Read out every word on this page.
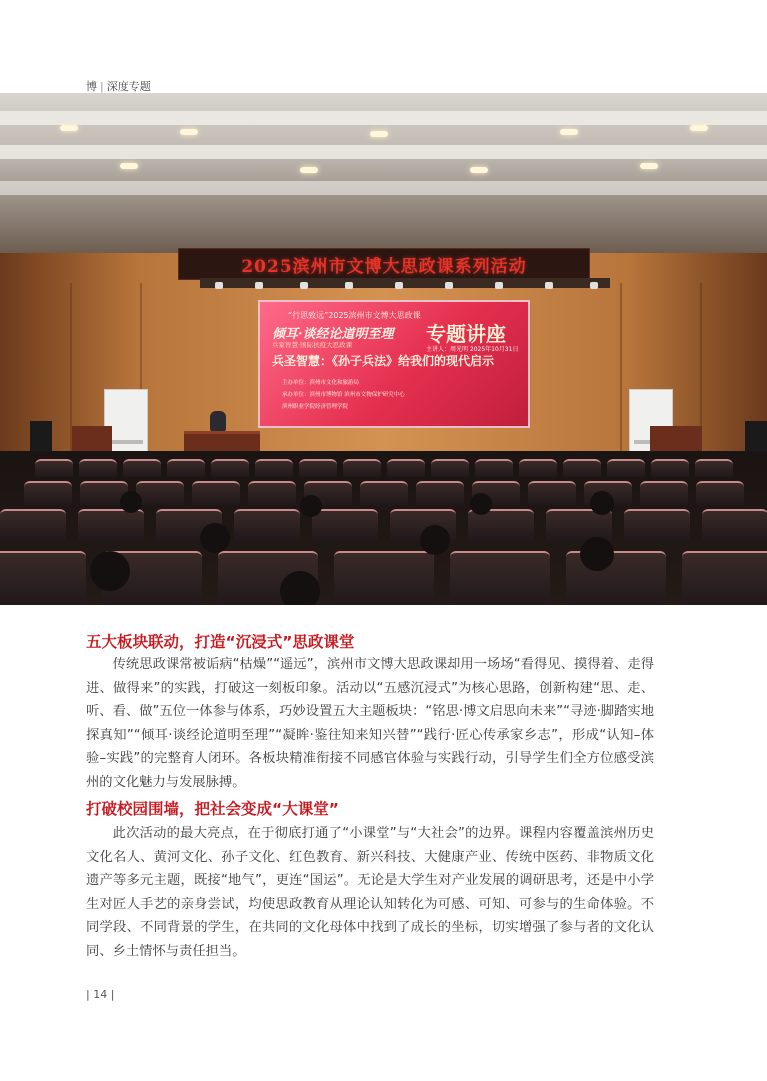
博 | 深度专题
2025滨州市文博大思政课系列活动
“行思致远”2025滨州市文博大思政课
倾耳·谈经论道明至理 专题讲座
兵家智慧·国际抗疫大思政课
主讲人：周光明 2025年10月31日
兵圣智慧：《孙子兵法》给我们的现代启示
主办单位：滨州市文化和旅游局
承办单位：滨州市博物馆 滨州市文物保护研究中心
滨州职业学院经济管理学院
五大板块联动，打造“沉浸式”思政课堂
传统思政课常被诟病“枯燥”“遥远”，滨州市文博大思政课却用一场场“看得见、摸得着、走得进、做得来”的实践，打破这一刻板印象。活动以“五感沉浸式”为核心思路，创新构建“思、走、听、看、做”五位一体参与体系，巧妙设置五大主题板块：“铭思·博文启思向未来”“寻迹·脚踏实地探真知”“倾耳·谈经论道明至理”“凝眸·鉴往知来知兴替”“践行·匠心传承家乡志”，形成“认知–体验–实践”的完整育人闭环。各板块精准衔接不同感官体验与实践行动，引导学生们全方位感受滨州的文化魅力与发展脉搏。
打破校园围墙，把社会变成“大课堂”
此次活动的最大亮点，在于彻底打通了“小课堂”与“大社会”的边界。课程内容覆盖滨州历史文化名人、黄河文化、孙子文化、红色教育、新兴科技、大健康产业、传统中医药、非物质文化遗产等多元主题，既接“地气”，更连“国运”。无论是大学生对产业发展的调研思考，还是中小学生对匠人手艺的亲身尝试，均使思政教育从理论认知转化为可感、可知、可参与的生命体验。不同学段、不同背景的学生，在共同的文化母体中找到了成长的坐标，切实增强了参与者的文化认同、乡土情怀与责任担当。
| 14 |
